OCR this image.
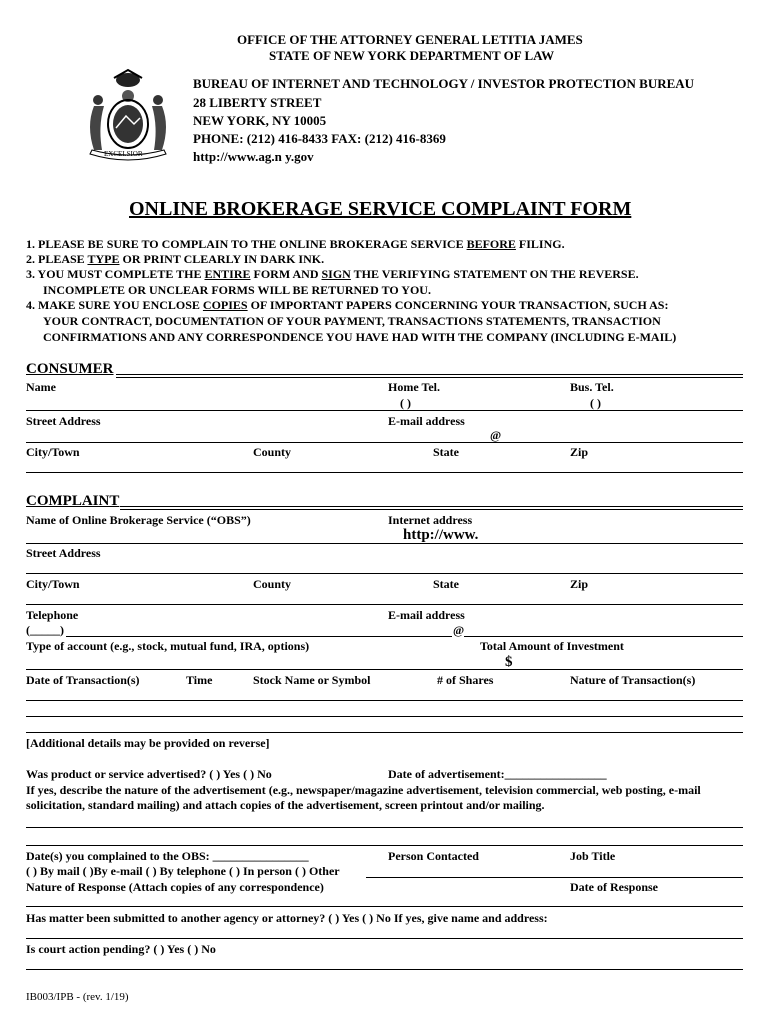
OFFICE OF THE ATTORNEY GENERAL LETITIA JAMES
STATE OF NEW YORK DEPARTMENT OF LAW
EXCELSIOR
BUREAU OF INTERNET AND TECHNOLOGY / INVESTOR PROTECTION BUREAU
28 LIBERTY STREET
NEW YORK, NY 10005
PHONE: (212) 416-8433 FAX: (212) 416-8369
http://www.ag.n y.gov
ONLINE BROKERAGE SERVICE COMPLAINT FORM
1. PLEASE BE SURE TO COMPLAIN TO THE ONLINE BROKERAGE SERVICE BEFORE FILING.
2. PLEASE TYPE OR PRINT CLEARLY IN DARK INK.
3. YOU MUST COMPLETE THE ENTIRE FORM AND SIGN THE VERIFYING STATEMENT ON THE REVERSE.
INCOMPLETE OR UNCLEAR FORMS WILL BE RETURNED TO YOU.
4. MAKE SURE YOU ENCLOSE COPIES OF IMPORTANT PAPERS CONCERNING YOUR TRANSACTION, SUCH AS:
YOUR CONTRACT, DOCUMENTATION OF YOUR PAYMENT, TRANSACTIONS STATEMENTS, TRANSACTION
CONFIRMATIONS AND ANY CORRESPONDENCE YOU HAVE HAD WITH THE COMPANY (INCLUDING E-MAIL)
CONSUMER
Name	Home Tel.	Bus. Tel.
( )	( )
Street Address	E-mail address
@
City/Town	County	State	Zip
COMPLAINT
Name of Online Brokerage Service (“OBS”)	Internet address
http://www.
Street Address
City/Town	County	State	Zip
Telephone	E-mail address
(_____)	@
Type of account (e.g., stock, mutual fund, IRA, options)	Total Amount of Investment
$
Date of Transaction(s)	Time	Stock Name or Symbol	# of Shares	Nature of Transaction(s)
[Additional details may be provided on reverse]
Was product or service advertised? ( ) Yes ( ) No	Date of advertisement:_________________
If yes, describe the nature of the advertisement (e.g., newspaper/magazine advertisement, television commercial, web posting, e-mail
solicitation, standard mailing) and attach copies of the advertisement, screen printout and/or mailing.
Date(s) you complained to the OBS: ________________	Person Contacted	Job Title
( ) By mail ( )By e-mail ( ) By telephone ( ) In person ( ) Other
Nature of Response (Attach copies of any correspondence)	Date of Response
Has matter been submitted to another agency or attorney? ( ) Yes ( ) No If yes, give name and address:
Is court action pending? ( ) Yes ( ) No
IB003/IPB - (rev. 1/19)
